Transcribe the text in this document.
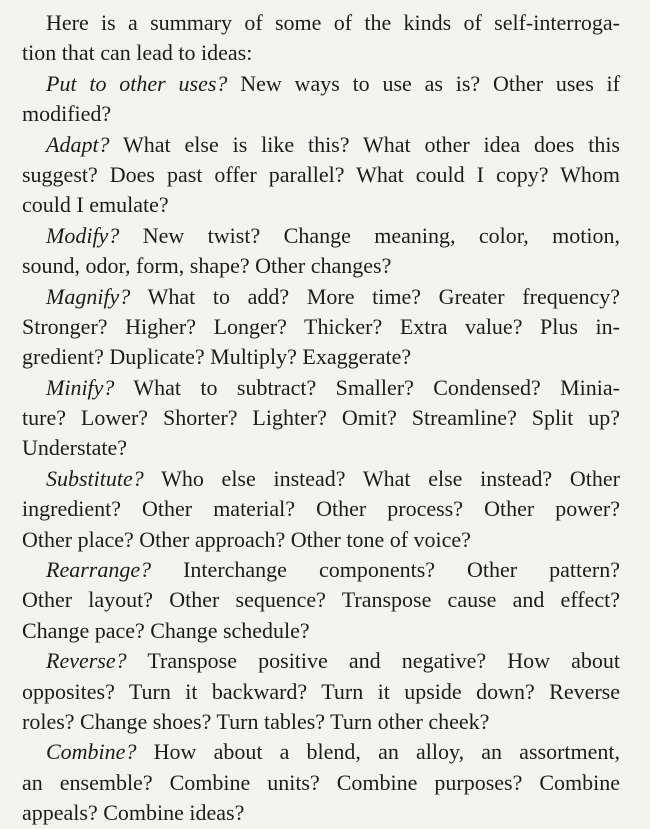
Here is a summary of some of the kinds of self-interroga-
tion that can lead to ideas:
Put to other uses? New ways to use as is? Other uses if
modified?
Adapt? What else is like this? What other idea does this
suggest? Does past offer parallel? What could I copy? Whom
could I emulate?
Modify? New twist? Change meaning, color, motion,
sound, odor, form, shape? Other changes?
Magnify? What to add? More time? Greater frequency?
Stronger? Higher? Longer? Thicker? Extra value? Plus in-
gredient? Duplicate? Multiply? Exaggerate?
Minify? What to subtract? Smaller? Condensed? Minia-
ture? Lower? Shorter? Lighter? Omit? Streamline? Split up?
Understate?
Substitute? Who else instead? What else instead? Other
ingredient? Other material? Other process? Other power?
Other place? Other approach? Other tone of voice?
Rearrange? Interchange components? Other pattern?
Other layout? Other sequence? Transpose cause and effect?
Change pace? Change schedule?
Reverse? Transpose positive and negative? How about
opposites? Turn it backward? Turn it upside down? Reverse
roles? Change shoes? Turn tables? Turn other cheek?
Combine? How about a blend, an alloy, an assortment,
an ensemble? Combine units? Combine purposes? Combine
appeals? Combine ideas?
